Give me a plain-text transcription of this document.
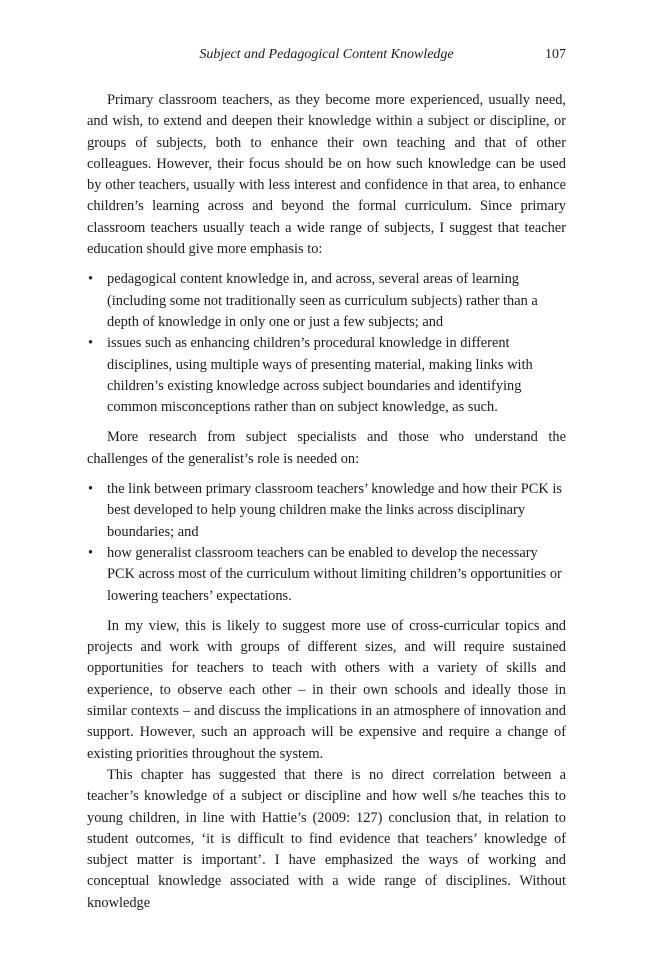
Subject and Pedagogical Content Knowledge	107

Primary classroom teachers, as they become more experienced, usually need, and wish, to extend and deepen their knowledge within a subject or discipline, or groups of subjects, both to enhance their own teaching and that of other colleagues. However, their focus should be on how such knowledge can be used by other teachers, usually with less interest and confidence in that area, to enhance children’s learning across and beyond the formal curriculum. Since primary classroom teachers usually teach a wide range of subjects, I suggest that teacher education should give more emphasis to:

• pedagogical content knowledge in, and across, several areas of learning (including some not traditionally seen as curriculum subjects) rather than a depth of knowledge in only one or just a few subjects; and
• issues such as enhancing children’s procedural knowledge in different disciplines, using multiple ways of presenting material, making links with children’s existing knowledge across subject boundaries and identifying common misconceptions rather than on subject knowledge, as such.

More research from subject specialists and those who understand the challenges of the generalist’s role is needed on:

• the link between primary classroom teachers’ knowledge and how their PCK is best developed to help young children make the links across disciplinary boundaries; and
• how generalist classroom teachers can be enabled to develop the necessary PCK across most of the curriculum without limiting children’s opportunities or lowering teachers’ expectations.

In my view, this is likely to suggest more use of cross-curricular topics and projects and work with groups of different sizes, and will require sustained opportunities for teachers to teach with others with a variety of skills and experience, to observe each other – in their own schools and ideally those in similar contexts – and discuss the implications in an atmosphere of innovation and support. However, such an approach will be expensive and require a change of existing priorities throughout the system.

This chapter has suggested that there is no direct correlation between a teacher’s knowledge of a subject or discipline and how well s/he teaches this to young children, in line with Hattie’s (2009: 127) conclusion that, in relation to student outcomes, ‘it is difficult to find evidence that teachers’ knowledge of subject matter is important’. I have emphasized the ways of working and conceptual knowledge associated with a wide range of disciplines. Without knowledge
